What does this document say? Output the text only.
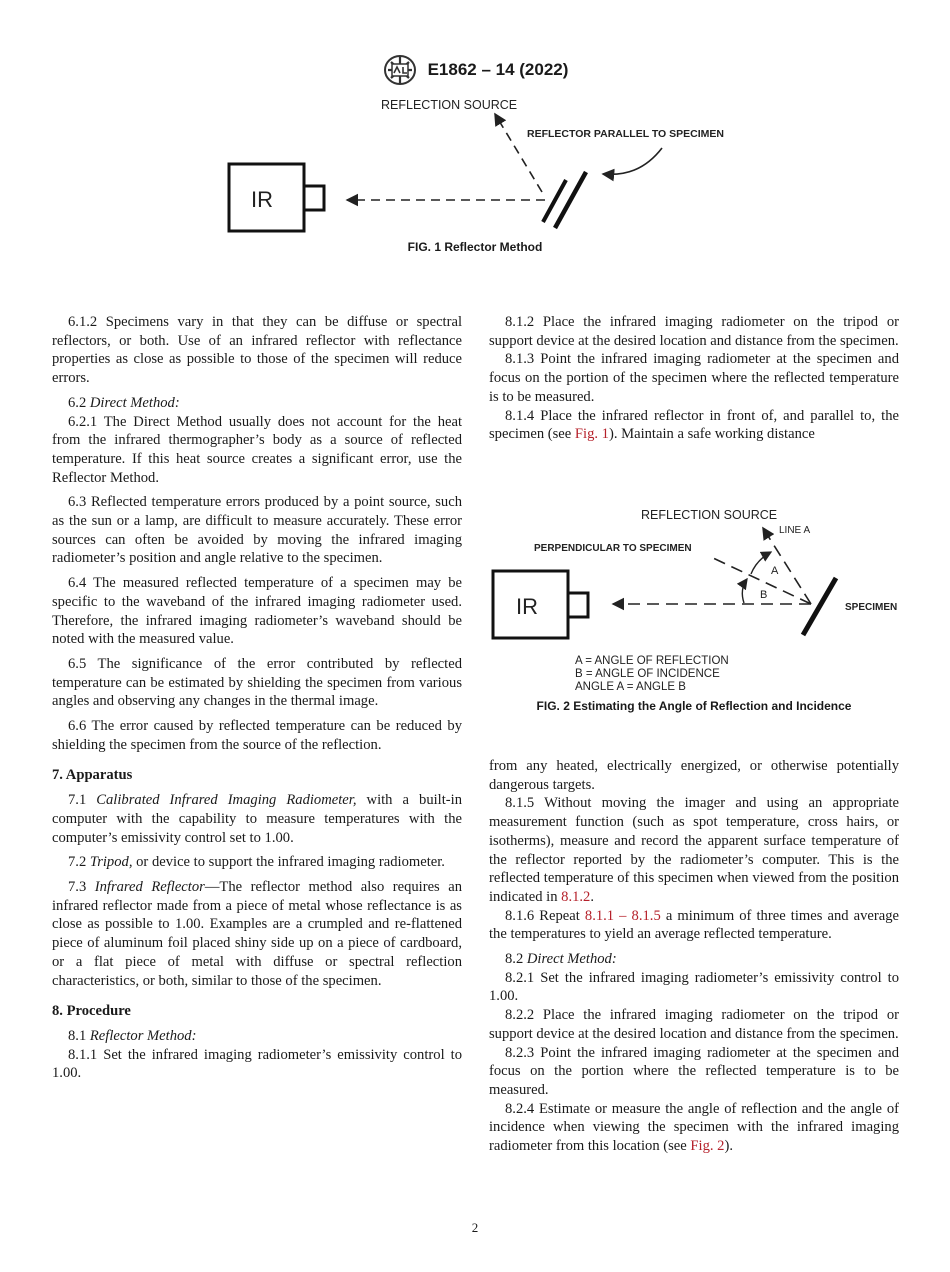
E1862 – 14 (2022)
REFLECTION SOURCE
REFLECTOR PARALLEL TO SPECIMEN
IR
FIG. 1 Reflector Method

6.1.2 Specimens vary in that they can be diffuse or spectral reflectors, or both. Use of an infrared reflector with reflectance properties as close as possible to those of the specimen will reduce errors.

6.2 Direct Method:

6.2.1 The Direct Method usually does not account for the heat from the infrared thermographer’s body as a source of reflected temperature. If this heat source creates a significant error, use the Reflector Method.

6.3 Reflected temperature errors produced by a point source, such as the sun or a lamp, are difficult to measure accurately. These error sources can often be avoided by moving the infrared imaging radiometer’s position and angle relative to the specimen.

6.4 The measured reflected temperature of a specimen may be specific to the waveband of the infrared imaging radiometer used. Therefore, the infrared imaging radiometer’s waveband should be noted with the measured value.

6.5 The significance of the error contributed by reflected temperature can be estimated by shielding the specimen from various angles and observing any changes in the thermal image.

6.6 The error caused by reflected temperature can be reduced by shielding the specimen from the source of the reflection.

7. Apparatus

7.1 Calibrated Infrared Imaging Radiometer, with a built-in computer with the capability to measure temperatures with the computer’s emissivity control set to 1.00.

7.2 Tripod, or device to support the infrared imaging radiometer.

7.3 Infrared Reflector—The reflector method also requires an infrared reflector made from a piece of metal whose reflectance is as close as possible to 1.00. Examples are a crumpled and re-flattened piece of aluminum foil placed shiny side up on a piece of cardboard, or a flat piece of metal with diffuse or spectral reflection characteristics, or both, similar to those of the specimen.

8. Procedure

8.1 Reflector Method:

8.1.1 Set the infrared imaging radiometer’s emissivity control to 1.00.

8.1.2 Place the infrared imaging radiometer on the tripod or support device at the desired location and distance from the specimen.

8.1.3 Point the infrared imaging radiometer at the specimen and focus on the portion of the specimen where the reflected temperature is to be measured.

8.1.4 Place the infrared reflector in front of, and parallel to, the specimen (see Fig. 1). Maintain a safe working distance

REFLECTION SOURCE
LINE A
PERPENDICULAR TO SPECIMEN
IR
A
B
SPECIMEN
A = ANGLE OF REFLECTION
B = ANGLE OF INCIDENCE
ANGLE A = ANGLE B
FIG. 2 Estimating the Angle of Reflection and Incidence

from any heated, electrically energized, or otherwise potentially dangerous targets.

8.1.5 Without moving the imager and using an appropriate measurement function (such as spot temperature, cross hairs, or isotherms), measure and record the apparent surface temperature of the reflector reported by the radiometer’s computer. This is the reflected temperature of this specimen when viewed from the position indicated in 8.1.2.

8.1.6 Repeat 8.1.1 – 8.1.5 a minimum of three times and average the temperatures to yield an average reflected temperature.

8.2 Direct Method:

8.2.1 Set the infrared imaging radiometer’s emissivity control to 1.00.

8.2.2 Place the infrared imaging radiometer on the tripod or support device at the desired location and distance from the specimen.

8.2.3 Point the infrared imaging radiometer at the specimen and focus on the portion where the reflected temperature is to be measured.

8.2.4 Estimate or measure the angle of reflection and the angle of incidence when viewing the specimen with the infrared imaging radiometer from this location (see Fig. 2).

2
